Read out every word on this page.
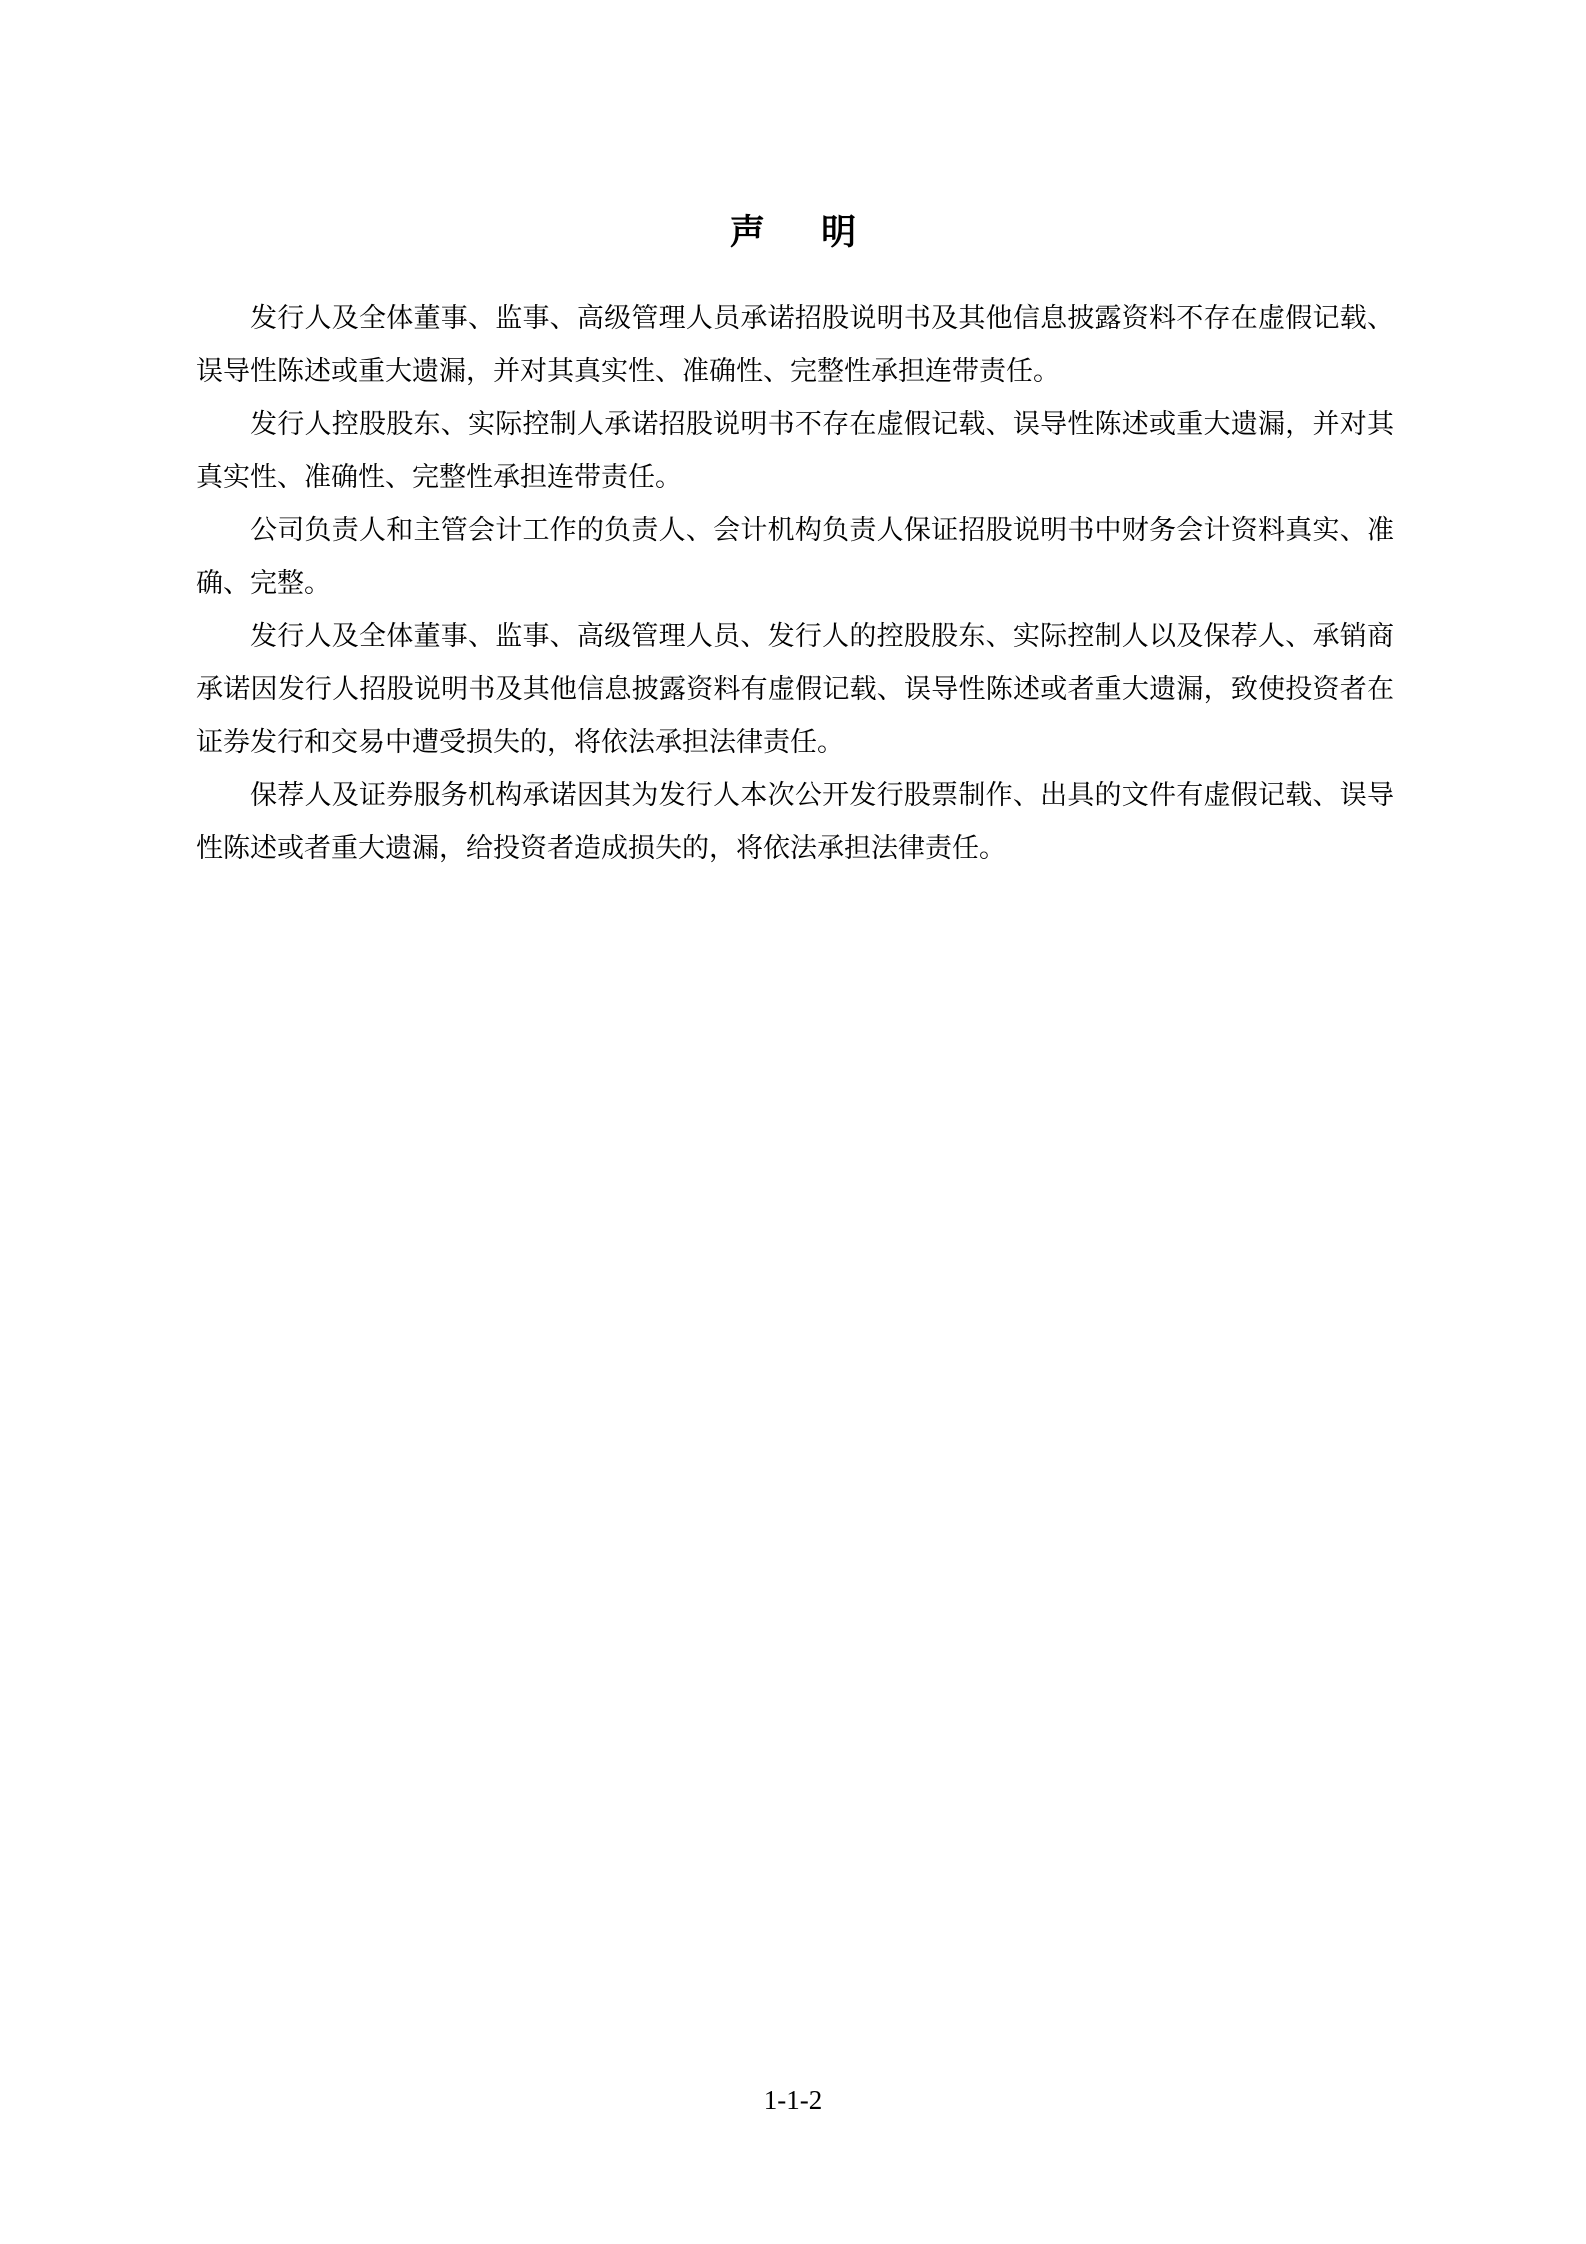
声 明

发行人及全体董事、监事、高级管理人员承诺招股说明书及其他信息披露资料不存在虚假记载、误导性陈述或重大遗漏，并对其真实性、准确性、完整性承担连带责任。

发行人控股股东、实际控制人承诺招股说明书不存在虚假记载、误导性陈述或重大遗漏，并对其真实性、准确性、完整性承担连带责任。

公司负责人和主管会计工作的负责人、会计机构负责人保证招股说明书中财务会计资料真实、准确、完整。

发行人及全体董事、监事、高级管理人员、发行人的控股股东、实际控制人以及保荐人、承销商承诺因发行人招股说明书及其他信息披露资料有虚假记载、误导性陈述或者重大遗漏，致使投资者在证券发行和交易中遭受损失的，将依法承担法律责任。

保荐人及证券服务机构承诺因其为发行人本次公开发行股票制作、出具的文件有虚假记载、误导性陈述或者重大遗漏，给投资者造成损失的，将依法承担法律责任。

1-1-2
